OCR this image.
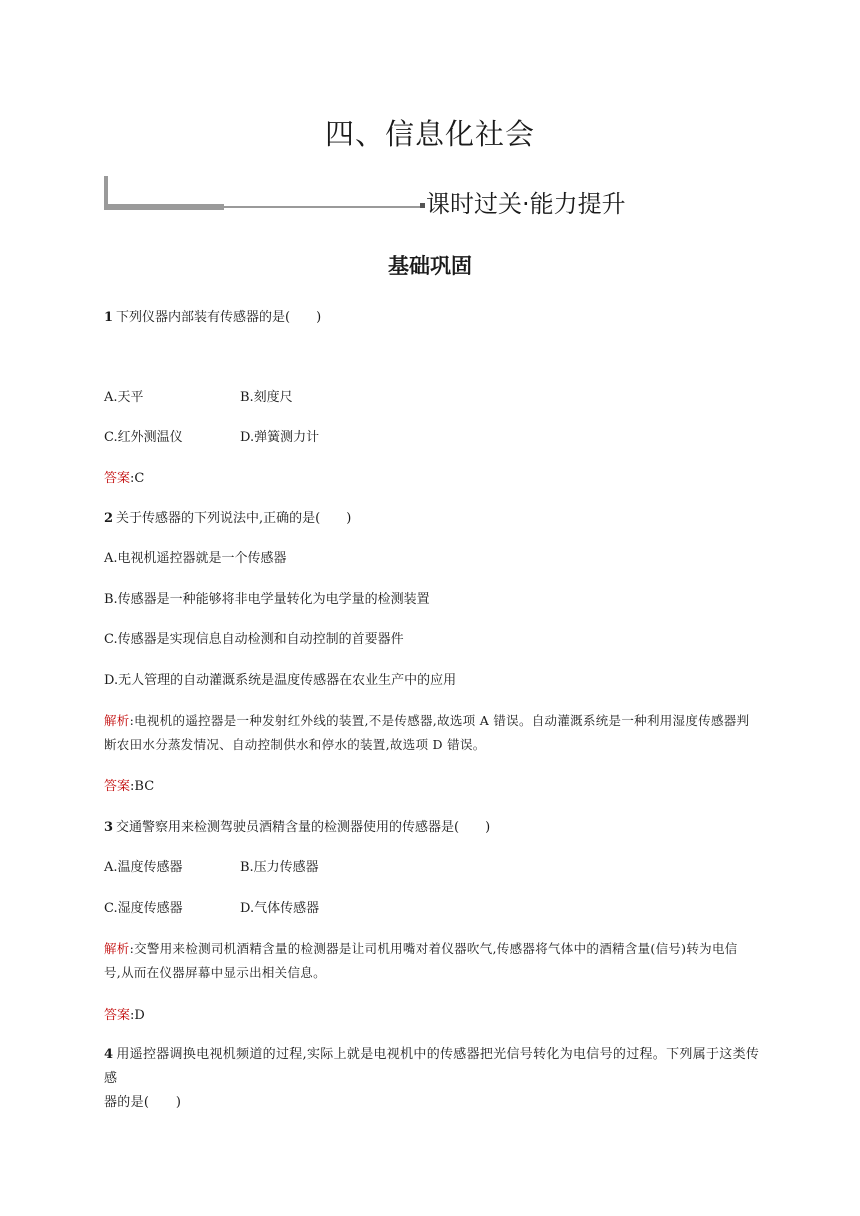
四、信息化社会
课时过关·能力提升
基础巩固
1 下列仪器内部装有传感器的是(　　)
A.天平	B.刻度尺
C.红外测温仪	D.弹簧测力计
答案:C
2 关于传感器的下列说法中,正确的是(　　)
A.电视机遥控器就是一个传感器
B.传感器是一种能够将非电学量转化为电学量的检测装置
C.传感器是实现信息自动检测和自动控制的首要器件
D.无人管理的自动灌溉系统是温度传感器在农业生产中的应用
解析:电视机的遥控器是一种发射红外线的装置,不是传感器,故选项 A 错误。自动灌溉系统是一种利用湿度传感器判
断农田水分蒸发情况、自动控制供水和停水的装置,故选项 D 错误。
答案:BC
3 交通警察用来检测驾驶员酒精含量的检测器使用的传感器是(　　)
A.温度传感器	B.压力传感器
C.湿度传感器	D.气体传感器
解析:交警用来检测司机酒精含量的检测器是让司机用嘴对着仪器吹气,传感器将气体中的酒精含量(信号)转为电信
号,从而在仪器屏幕中显示出相关信息。
答案:D
4 用遥控器调换电视机频道的过程,实际上就是电视机中的传感器把光信号转化为电信号的过程。下列属于这类传感
器的是(　　)
